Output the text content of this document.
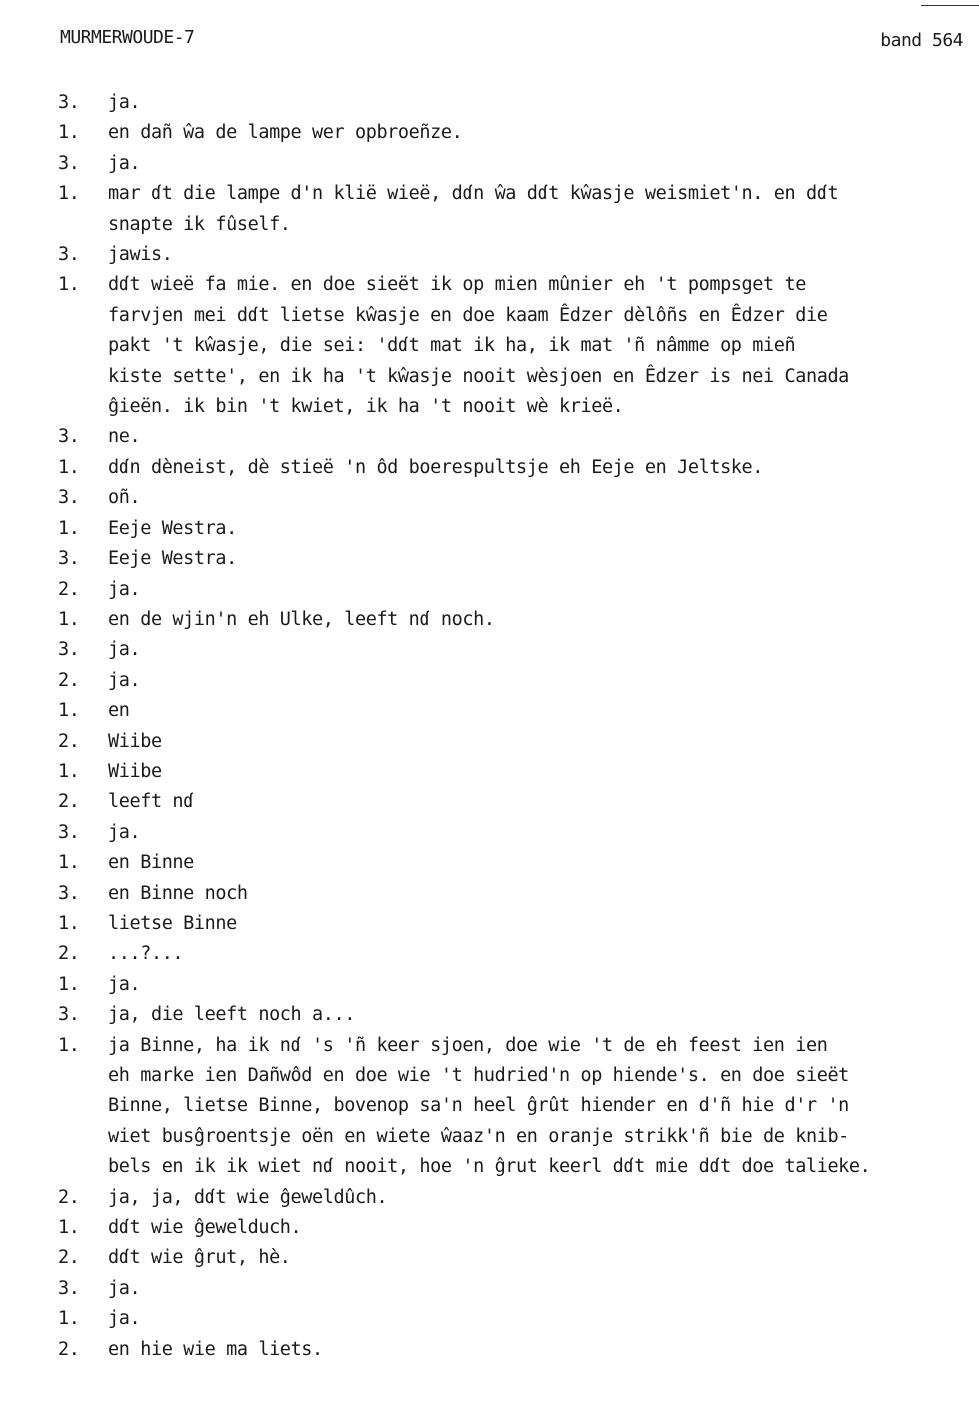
MURMERWOUDE-7	band 564
3.	ja.
1.	en dañ ŵa de lampe wer opbroeñze.
3.	ja.
1.	mar ɗt die lampe d'n klië wieë, dɗn ŵa dɗt kŵasje weismiet'n. en dɗt
snapte ik fûself.
3.	jawis.
1.	dɗt wieë fa mie. en doe sieët ik op mien mûnier eh 't pompsget te
farvjen mei dɗt lietse kŵasje en doe kaam Êdzer dèlôñs en Êdzer die
pakt 't kŵasje, die sei: 'dɗt mat ik ha, ik mat 'ñ nâmme op mieñ
kiste sette', en ik ha 't kŵasje nooit wèsjoen en Êdzer is nei Canada
ĝieën. ik bin 't kwiet, ik ha 't nooit wè krieë.
3.	ne.
1.	dɗn dèneist, dè stieë 'n ôd boerespultsje eh Eeje en Jeltske.
3.	oñ.
1.	Eeje Westra.
3.	Eeje Westra.
2.	ja.
1.	en de wjin'n eh Ulke, leeft nɗ noch.
3.	ja.
2.	ja.
1.	en
2.	Wiibe
1.	Wiibe
2.	leeft nɗ
3.	ja.
1.	en Binne
3.	en Binne noch
1.	lietse Binne
2.	...?...
1.	ja.
3.	ja, die leeft noch a...
1.	ja Binne, ha ik nɗ 's 'ñ keer sjoen, doe wie 't de eh feest ien ien
eh marke ien Dañwôd en doe wie 't hudried'n op hiende's. en doe sieët
Binne, lietse Binne, bovenop sa'n heel ĝrût hiender en d'ñ hie d'r 'n
wiet busĝroentsje oën en wiete ŵaaz'n en oranje strikk'ñ bie de knib-
bels en ik ik wiet nɗ nooit, hoe 'n ĝrut keerl dɗt mie dɗt doe talieke.
2.	ja, ja, dɗt wie ĝeweldûch.
1.	dɗt wie ĝewelduch.
2.	dɗt wie ĝrut, hè.
3.	ja.
1.	ja.
2.	en hie wie ma liets.
